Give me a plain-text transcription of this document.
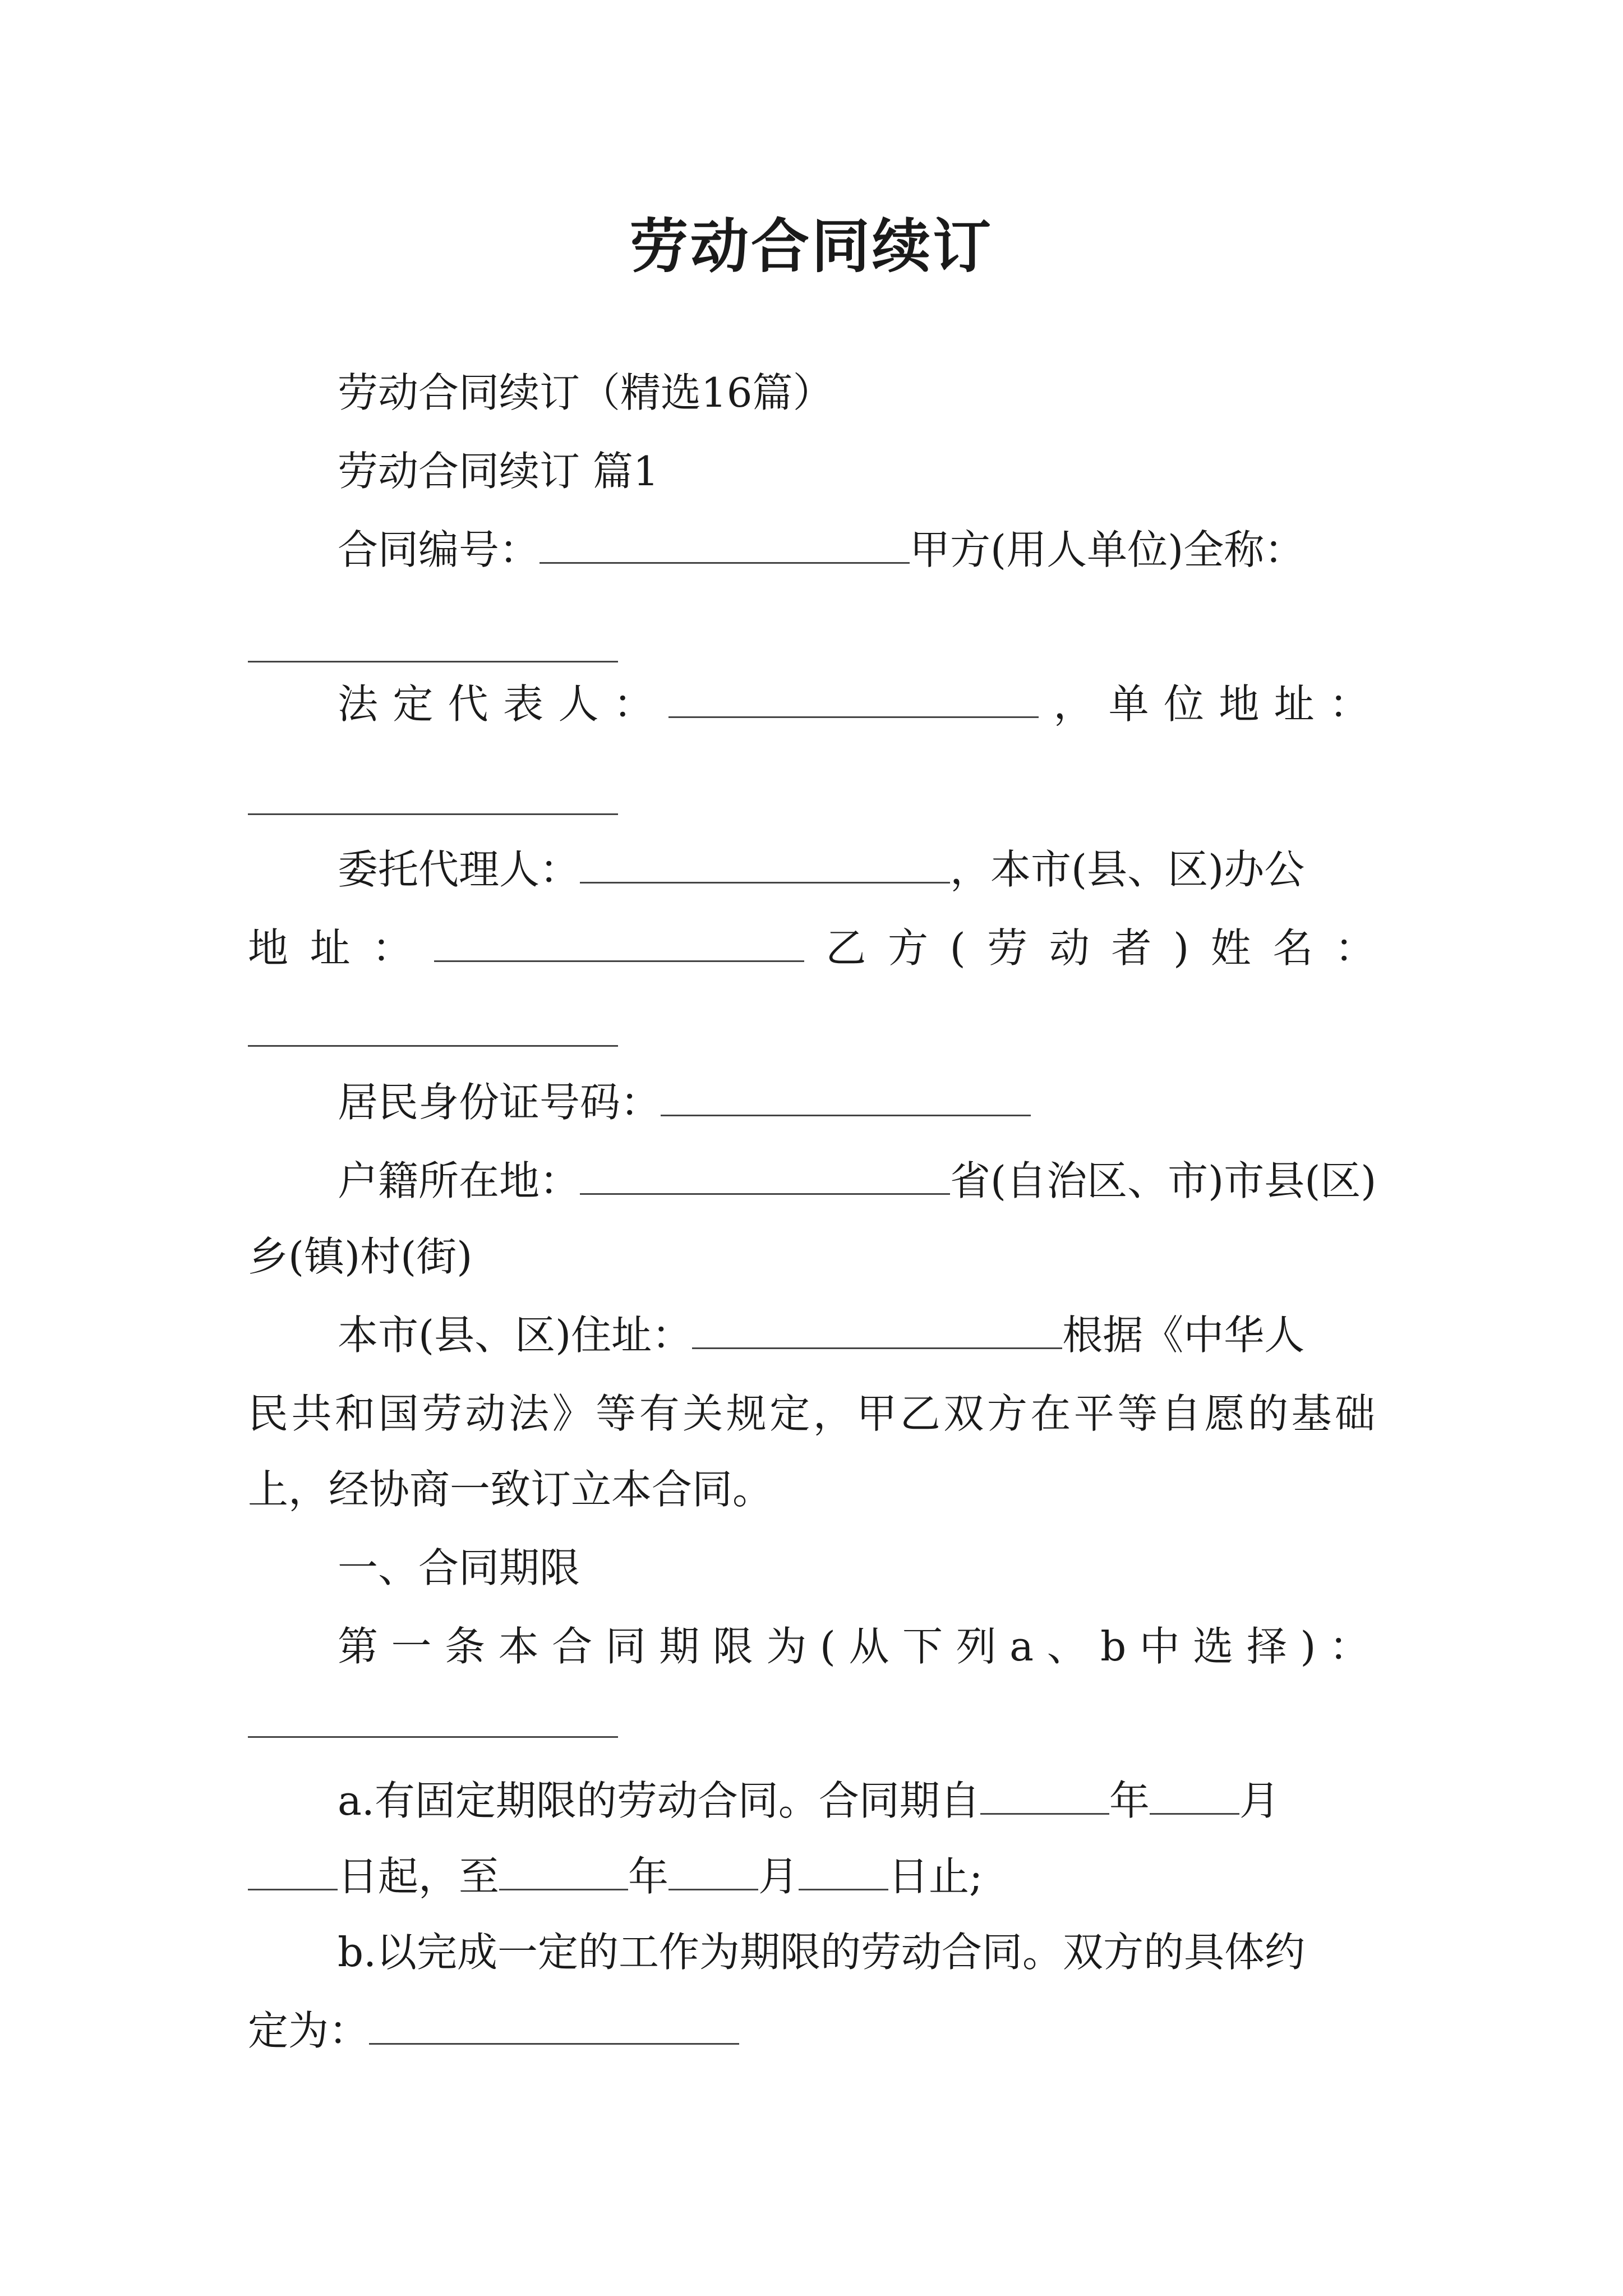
劳动合同续订
劳动合同续订（精选16篇）
劳动合同续订 篇1
合同编号：	甲方(用人单位)全称：
法定代表人：	，单位地址：
委托代理人：	，本市(县、区)办公
地址：	乙方(劳动者)姓名：
居民身份证号码：
户籍所在地：	省(自治区、市)市县(区)
乡(镇)村(街)
本市(县、区)住址：	根据《中华人
民共和国劳动法》等有关规定，甲乙双方在平等自愿的基础
上，经协商一致订立本合同。
一、合同期限
第一条本合同期限为(从下列a、b中选择)：
a.有固定期限的劳动合同。合同期自	年 月
日起，至	年 月 日止;
b.以完成一定的工作为期限的劳动合同。双方的具体约
定为：
